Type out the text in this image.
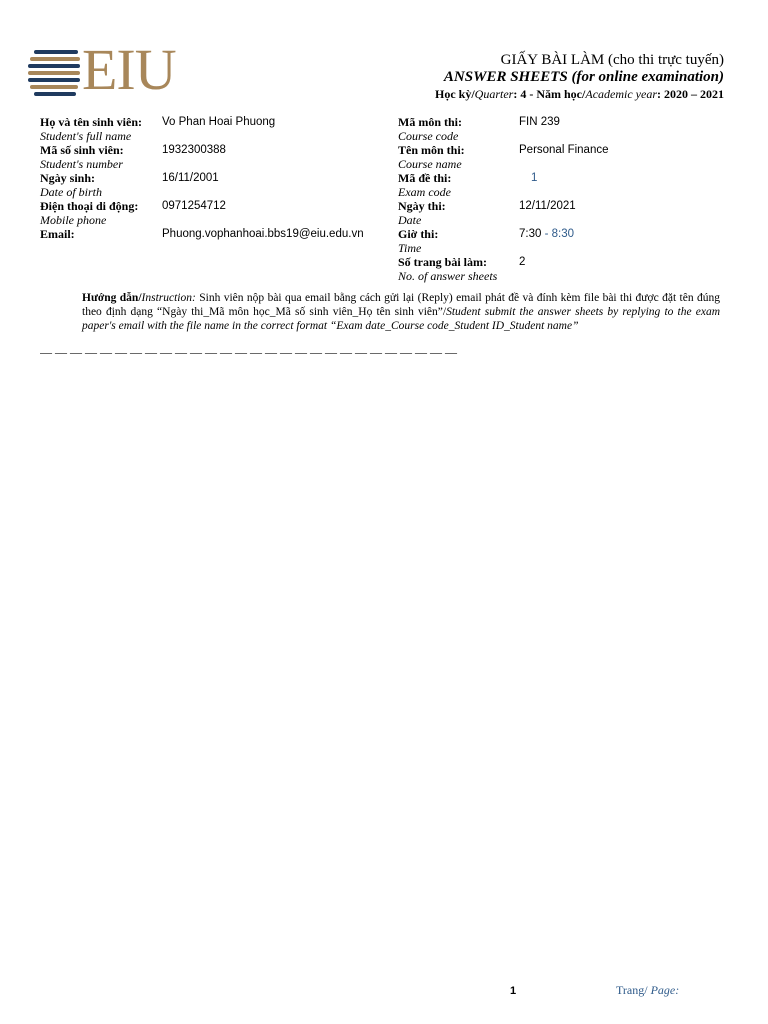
EIU	GIẤY BÀI LÀM (cho thi trực tuyến)
ANSWER SHEETS (for online examination)
Học kỳ/Quarter: 4 - Năm học/Academic year: 2020 – 2021
Họ và tên sinh viên:
Student's full name
Vo Phan Hoai Phuong
Mã số sinh viên:
Student's number
1932300388
Ngày sinh:
Date of birth
16/11/2001
Điện thoại di động:
Mobile phone
0971254712
Email:	Phuong.vophanhoai.bbs19@eiu.edu.vn
Mã môn thi:
Course code
FIN 239
Tên môn thi:
Course name
Personal Finance
Mã đề thi:
Exam code
1
Ngày thi:
Date
12/11/2021
Giờ thi:
Time
7:30 - 8:30
Số trang bài làm:
No. of answer sheets
2
Hướng dẫn/Instruction: Sinh viên nộp bài qua email bằng cách gửi lại (Reply) email phát đề và đính kèm file bài thi được đặt tên đúng theo định dạng “Ngày thi_Mã môn học_Mã số sinh viên_Họ tên sinh viên”/Student submit the answer sheets by replying to the exam paper's email with the file name in the correct format “Exam date_Course code_Student ID_Student name”
— — — — — — — — — — — — — — — — — — — — — — — — — — — —
1	Trang/ Page:
